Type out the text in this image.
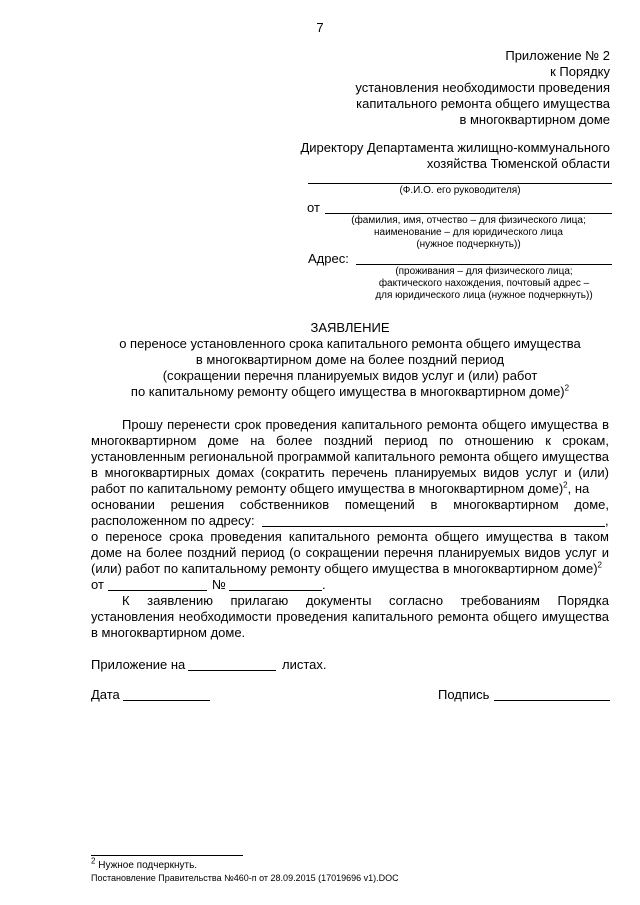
7
Приложение № 2
к Порядку
установления необходимости проведения
капитального ремонта общего имущества
в многоквартирном доме
Директору Департамента жилищно-коммунального
хозяйства Тюменской области
(Ф.И.О. его руководителя)
от
(фамилия, имя, отчество – для физического лица;
наименование – для юридического лица
(нужное подчеркнуть))
Адрес:
(проживания – для физического лица;
фактического нахождения, почтовый адрес –
для юридического лица (нужное подчеркнуть))
ЗАЯВЛЕНИЕ
о переносе установленного срока капитального ремонта общего имущества
в многоквартирном доме на более поздний период
(сокращении перечня планируемых видов услуг и (или) работ
по капитальному ремонту общего имущества в многоквартирном доме)$^2$
Прошу перенести срок проведения капитального ремонта общего имущества в
многоквартирном доме на более поздний период по отношению к срокам,
установленным региональной программой капитального ремонта общего имущества
в многоквартирных домах (сократить перечень планируемых видов услуг и (или)
работ по капитальному ремонту общего имущества в многоквартирном доме)$^2$, на
основании решения собственников помещений в многоквартирном доме,
расположенном по адресу:	,
о переносе срока проведения капитального ремонта общего имущества в таком
доме на более поздний период (о сокращении перечня планируемых видов услуг и
(или) работ по капитальному ремонту общего имущества в многоквартирном доме)$^2$
от	№	.
К заявлению прилагаю документы согласно требованиям Порядка
установления необходимости проведения капитального ремонта общего имущества
в многоквартирном доме.
Приложение на	листах.
Дата	Подпись
$^2$ Нужное подчеркнуть.
Постановление Правительства №460-п от 28.09.2015 (17019696 v1).DOC
